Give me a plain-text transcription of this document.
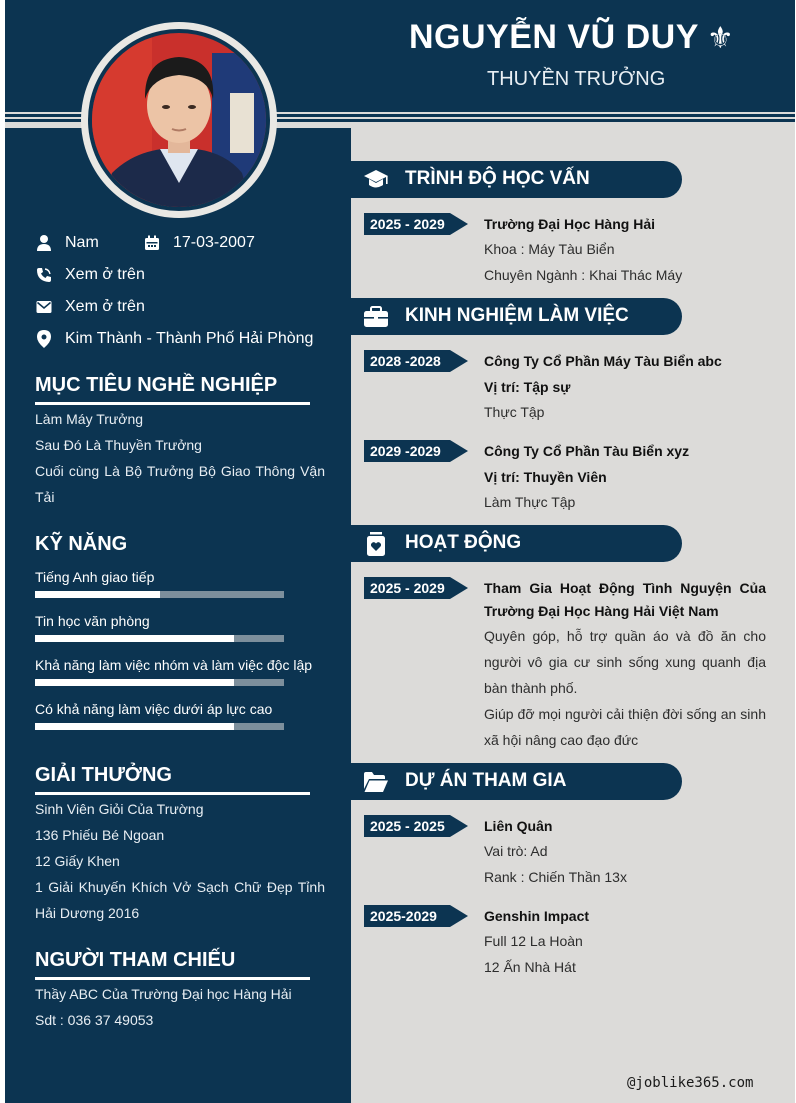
NGUYỄN VŨ DUY ⚜
THUYỀN TRƯỞNG
Nam	17-03-2007
Xem ở trên
Xem ở trên
Kim Thành - Thành Phố Hải Phòng
MỤC TIÊU NGHỀ NGHIỆP
Làm Máy Trưởng
Sau Đó Là Thuyền Trưởng
Cuối cùng Là Bộ Trưởng Bộ Giao Thông Vận Tải
KỸ NĂNG
Tiếng Anh giao tiếp
Tin học văn phòng
Khả năng làm việc nhóm và làm việc độc lập
Có khả năng làm việc dưới áp lực cao
GIẢI THƯỞNG
Sinh Viên Giỏi Của Trường
136 Phiếu Bé Ngoan
12 Giấy Khen
1 Giải Khuyến Khích Vở Sạch Chữ Đẹp Tỉnh Hải Dương 2016
NGƯỜI THAM CHIẾU
Thầy ABC Của Trường Đại học Hàng Hải
Sdt : 036 37 49053
TRÌNH ĐỘ HỌC VẤN
2025 - 2029	Trường Đại Học Hàng Hải
Khoa : Máy Tàu Biển
Chuyên Ngành : Khai Thác Máy
KINH NGHIỆM LÀM VIỆC
2028 -2028	Công Ty Cổ Phần Máy Tàu Biển abc
Vị trí: Tập sự
Thực Tập
2029 -2029	Công Ty Cổ Phần Tàu Biển xyz
Vị trí: Thuyền Viên
Làm Thực Tập
HOẠT ĐỘNG
2025 - 2029	Tham Gia Hoạt Động Tình Nguyện Của Trường Đại Học Hàng Hải Việt Nam
Quyên góp, hỗ trợ quần áo và đồ ăn cho người vô gia cư sinh sống xung quanh địa bàn thành phố.
Giúp đỡ mọi người cải thiện đời sống an sinh xã hội nâng cao đạo đức
DỰ ÁN THAM GIA
2025 - 2025	Liên Quân
Vai trò: Ad
Rank : Chiến Thần 13x
2025-2029	Genshin Impact
Full 12 La Hoàn
12 Ấn Nhà Hát
@joblike365.com
